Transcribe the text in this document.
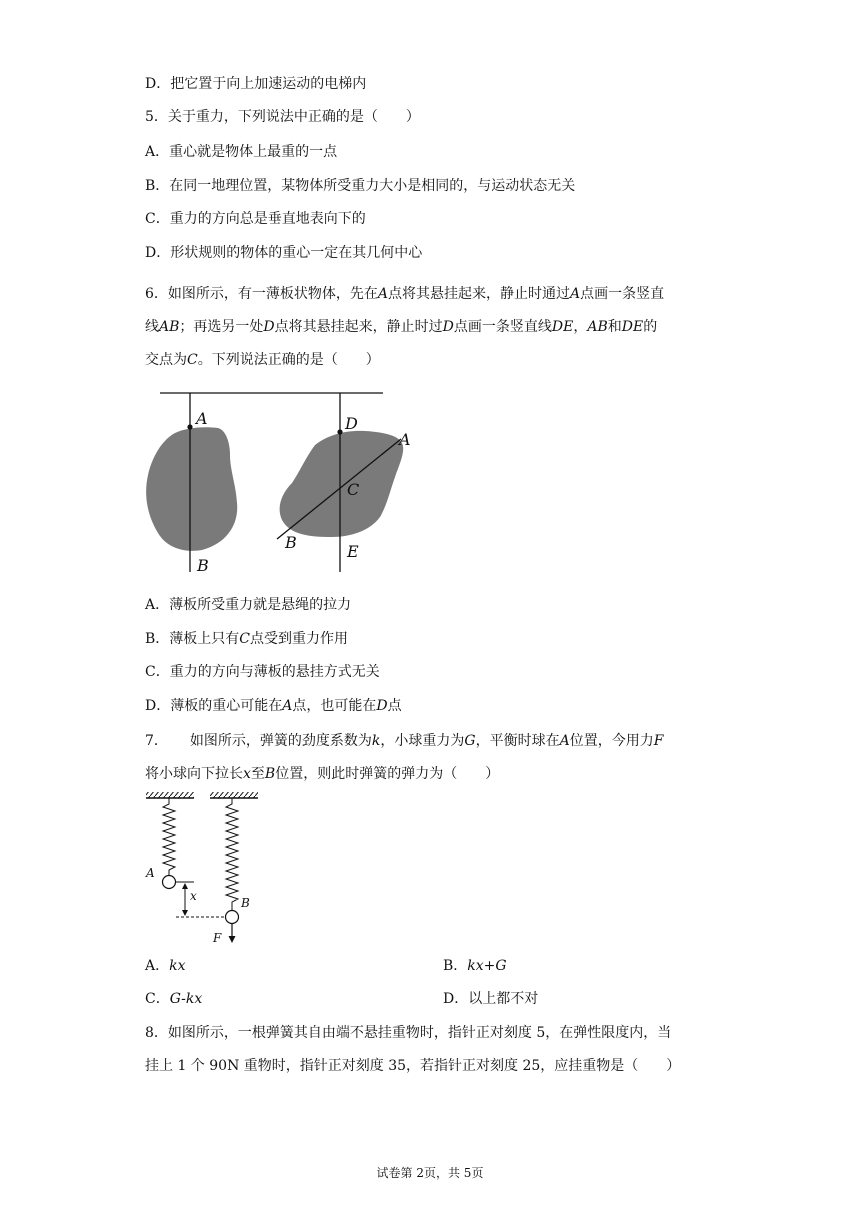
D．把它置于向上加速运动的电梯内
5．关于重力，下列说法中正确的是（　　）
A．重心就是物体上最重的一点
B．在同一地理位置，某物体所受重力大小是相同的，与运动状态无关
C．重力的方向总是垂直地表向下的
D．形状规则的物体的重心一定在其几何中心
6．如图所示，有一薄板状物体，先在A点将其悬挂起来，静止时通过A点画一条竖直
线AB；再选另一处D点将其悬挂起来，静止时过D点画一条竖直线DE，AB和DE的
交点为C。下列说法正确的是（　　）
A
B
D
A
C
B	E
A．薄板所受重力就是悬绳的拉力
B．薄板上只有C点受到重力作用
C．重力的方向与薄板的悬挂方式无关
D．薄板的重心可能在A点，也可能在D点
7． 如图所示，弹簧的劲度系数为k，小球重力为G，平衡时球在A位置，今用力F
将小球向下拉长x至B位置，则此时弹簧的弹力为（　　）
A
B
x
F
A．kx	B．kx+G
C．G-kx	D．以上都不对
8．如图所示，一根弹簧其自由端不悬挂重物时，指针正对刻度 5，在弹性限度内，当
挂上 1 个 90N 重物时，指针正对刻度 35，若指针正对刻度 25，应挂重物是（　　）
试卷第 2页，共 5页
